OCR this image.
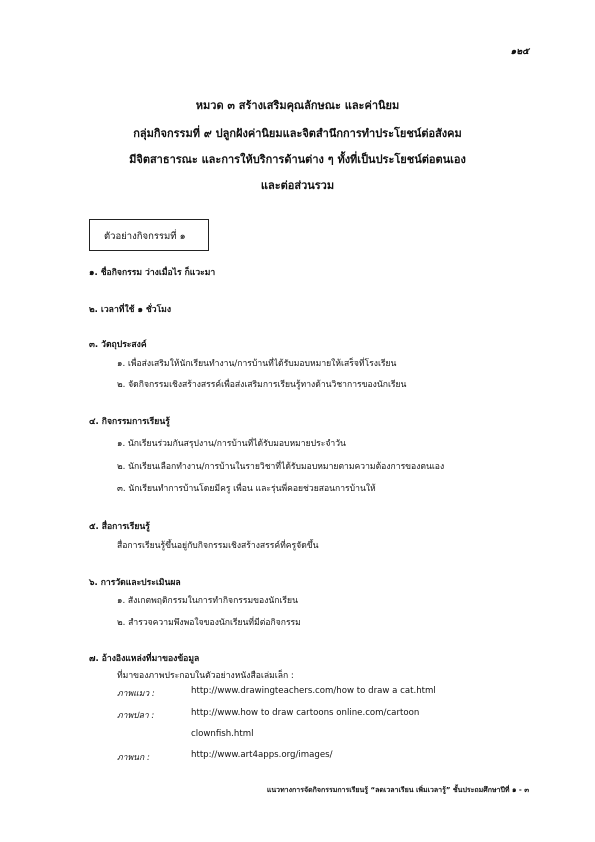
๑๒๕
หมวด ๓ สร้างเสริมคุณลักษณะ และค่านิยม
กลุ่มกิจกรรมที่ ๙ ปลูกฝังค่านิยมและจิตสำนึกการทำประโยชน์ต่อสังคม
มีจิตสาธารณะ และการให้บริการด้านต่าง ๆ ทั้งที่เป็นประโยชน์ต่อตนเอง
และต่อส่วนรวม
ตัวอย่างกิจกรรมที่ ๑
๑. ชื่อกิจกรรม ว่างเมื่อไร ก็แวะมา
๒. เวลาที่ใช้ ๑ ชั่วโมง
๓. วัตถุประสงค์
๑. เพื่อส่งเสริมให้นักเรียนทำงาน/การบ้านที่ได้รับมอบหมายให้เสร็จที่โรงเรียน
๒. จัดกิจกรรมเชิงสร้างสรรค์เพื่อส่งเสริมการเรียนรู้ทางด้านวิชาการของนักเรียน
๔. กิจกรรมการเรียนรู้
๑. นักเรียนร่วมกันสรุปงาน/การบ้านที่ได้รับมอบหมายประจำวัน
๒. นักเรียนเลือกทำงาน/การบ้านในรายวิชาที่ได้รับมอบหมายตามความต้องการของตนเอง
๓. นักเรียนทำการบ้านโดยมีครู เพื่อน และรุ่นพี่คอยช่วยสอนการบ้านให้
๕. สื่อการเรียนรู้
สื่อการเรียนรู้ขึ้นอยู่กับกิจกรรมเชิงสร้างสรรค์ที่ครูจัดขึ้น
๖. การวัดและประเมินผล
๑. สังเกตพฤติกรรมในการทำกิจกรรมของนักเรียน
๒. สำรวจความพึงพอใจของนักเรียนที่มีต่อกิจกรรม
๗. อ้างอิงแหล่งที่มาของข้อมูล
ที่มาของภาพประกอบในตัวอย่างหนังสือเล่มเล็ก :
ภาพแมว :	http://www.drawingteachers.com/how to draw a cat.html
ภาพปลา :	http://www.how to draw cartoons online.com/cartoon
clownfish.html
ภาพนก :	http://www.art4apps.org/images/
แนวทางการจัดกิจกรรมการเรียนรู้ “ลดเวลาเรียน เพิ่มเวลารู้” ชั้นประถมศึกษาปีที่ ๑ - ๓
